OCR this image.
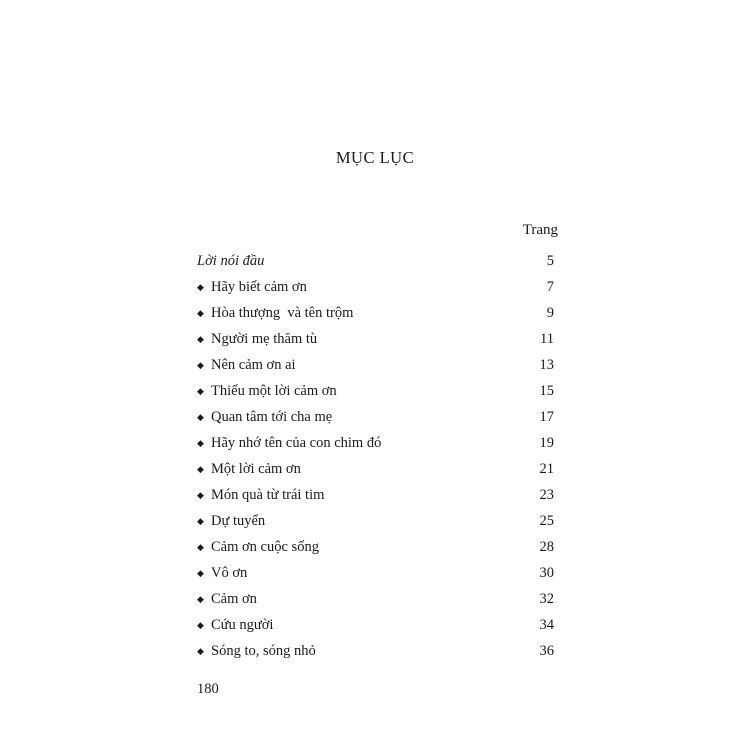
MỤC LỤC
Trang
Lời nói đầu	5
◆ Hãy biết cảm ơn	7
◆ Hòa thượng  và tên trộm	9
◆ Người mẹ thăm tù	11
◆ Nên cảm ơn ai	13
◆ Thiếu một lời cảm ơn	15
◆ Quan tâm tới cha mẹ	17
◆ Hãy nhớ tên của con chim đó	19
◆ Một lời cảm ơn	21
◆ Món quà từ trái tim	23
◆ Dự tuyển	25
◆ Cảm ơn cuộc sống	28
◆ Vô ơn	30
◆ Cảm ơn	32
◆ Cứu người	34
◆ Sóng to, sóng nhỏ	36
180
